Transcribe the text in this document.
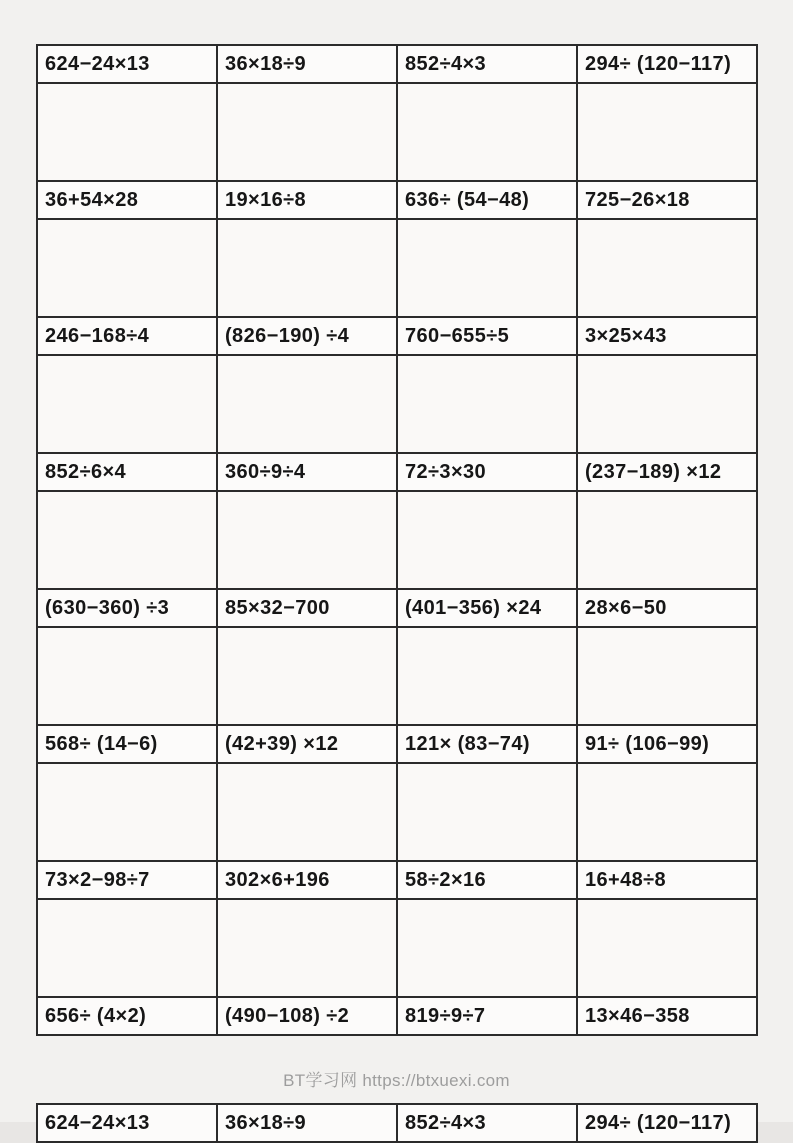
624−24×13	36×18÷9	852÷4×3	294÷ (120−117)

36+54×28	19×16÷8	636÷ (54−48)	725−26×18

246−168÷4	(826−190) ÷4	760−655÷5	3×25×43

852÷6×4	360÷9÷4	72÷3×30	(237−189) ×12

(630−360) ÷3	85×32−700	(401−356) ×24	28×6−50

568÷ (14−6)	(42+39) ×12	121× (83−74)	91÷ (106−99)

73×2−98÷7	302×6+196	58÷2×16	16+48÷8

656÷ (4×2)	(490−108) ÷2	819÷9÷7	13×46−358
BT学习网 https://btxuexi.com
624−24×13	36×18÷9	852÷4×3	294÷ (120−117)
